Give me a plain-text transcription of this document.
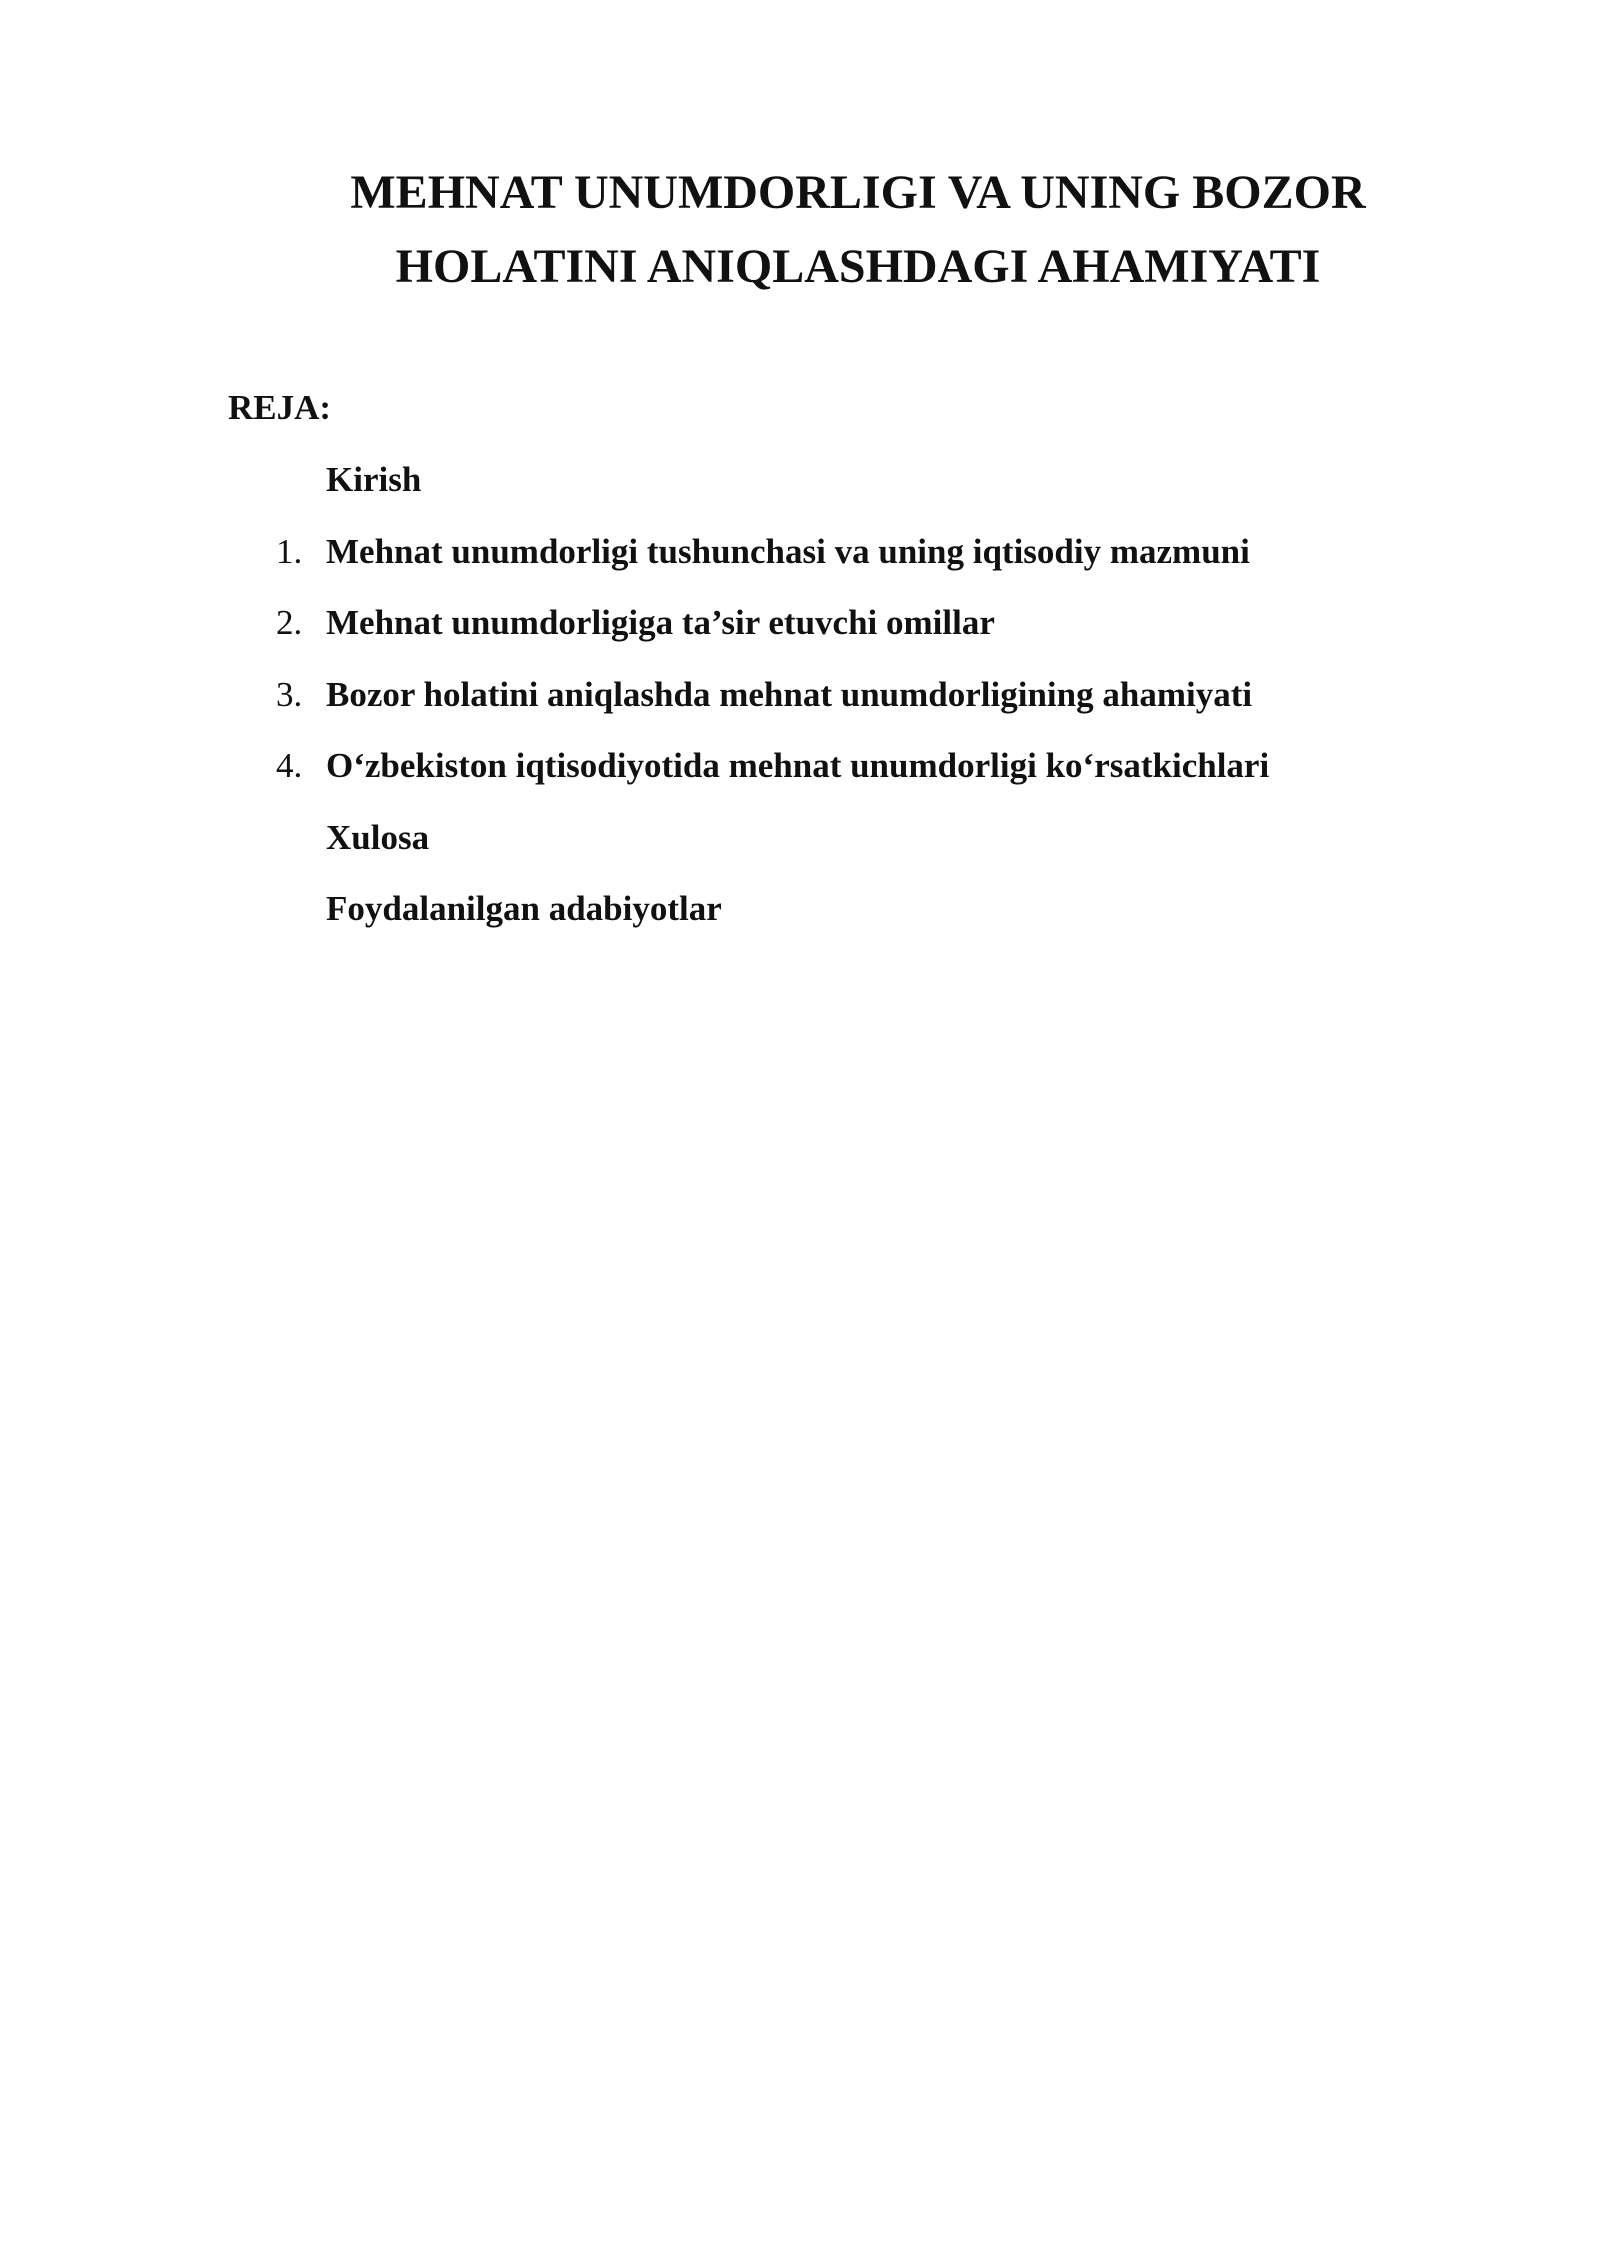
MEHNAT UNUMDORLIGI VA UNING BOZOR
HOLATINI ANIQLASHDAGI AHAMIYATI
REJA:
Kirish
1. Mehnat unumdorligi tushunchasi va uning iqtisodiy mazmuni
2. Mehnat unumdorligiga ta’sir etuvchi omillar
3. Bozor holatini aniqlashda mehnat unumdorligining ahamiyati
4. O‘zbekiston iqtisodiyotida mehnat unumdorligi ko‘rsatkichlari
Xulosa
Foydalanilgan adabiyotlar
